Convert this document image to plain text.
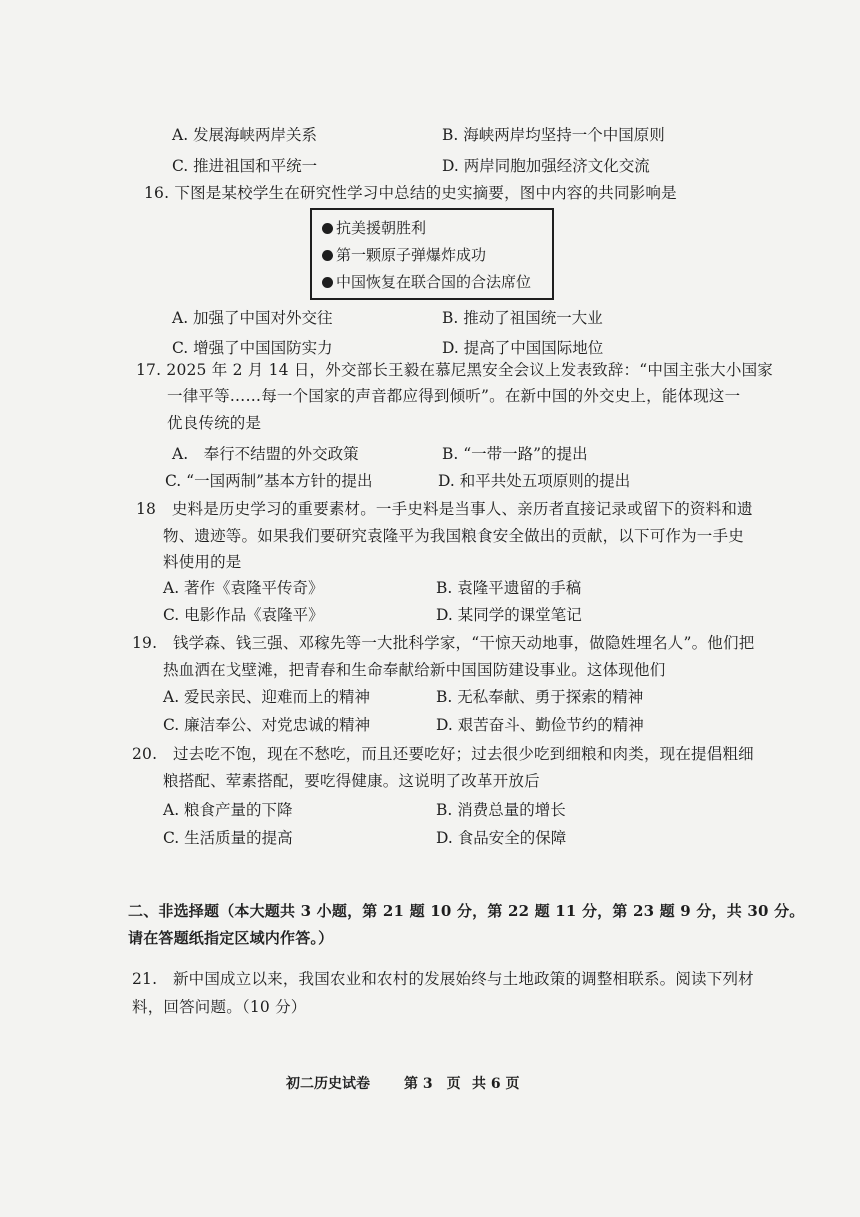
A. 发展海峡两岸关系	B. 海峡两岸均坚持一个中国原则
C. 推进祖国和平统一	D. 两岸同胞加强经济文化交流
16. 下图是某校学生在研究性学习中总结的史实摘要，图中内容的共同影响是
抗美援朝胜利
第一颗原子弹爆炸成功
中国恢复在联合国的合法席位
A. 加强了中国对外交往	B. 推动了祖国统一大业
C. 增强了中国国防实力	D. 提高了中国国际地位
17. 2025 年 2 月 14 日，外交部长王毅在慕尼黑安全会议上发表致辞：“中国主张大小国家
一律平等……每一个国家的声音都应得到倾听”。在新中国的外交史上，能体现这一
优良传统的是
A.　奉行不结盟的外交政策	B. “一带一路”的提出
C. “一国两制”基本方针的提出	D. 和平共处五项原则的提出
18　史料是历史学习的重要素材。一手史料是当事人、亲历者直接记录或留下的资料和遗
物、遗迹等。如果我们要研究袁隆平为我国粮食安全做出的贡献，以下可作为一手史
料使用的是
A. 著作《袁隆平传奇》	B. 袁隆平遗留的手稿
C. 电影作品《袁隆平》	D. 某同学的课堂笔记
19.　钱学森、钱三强、邓稼先等一大批科学家，“干惊天动地事，做隐姓埋名人”。他们把
热血洒在戈壁滩，把青春和生命奉献给新中国国防建设事业。这体现他们
A. 爱民亲民、迎难而上的精神	B. 无私奉献、勇于探索的精神
C. 廉洁奉公、对党忠诚的精神	D. 艰苦奋斗、勤俭节约的精神
20.　过去吃不饱，现在不愁吃，而且还要吃好；过去很少吃到细粮和肉类，现在提倡粗细
粮搭配、荤素搭配，要吃得健康。这说明了改革开放后
A. 粮食产量的下降	B. 消费总量的增长
C. 生活质量的提高	D. 食品安全的保障
二、非选择题（本大题共 3 小题，第 21 题 10 分，第 22 题 11 分，第 23 题 9 分，共 30 分。
请在答题纸指定区域内作答。）
21.　新中国成立以来，我国农业和农村的发展始终与土地政策的调整相联系。阅读下列材
料，回答问题。（10 分）
初二历史试卷 第 3　页 共 6 页
